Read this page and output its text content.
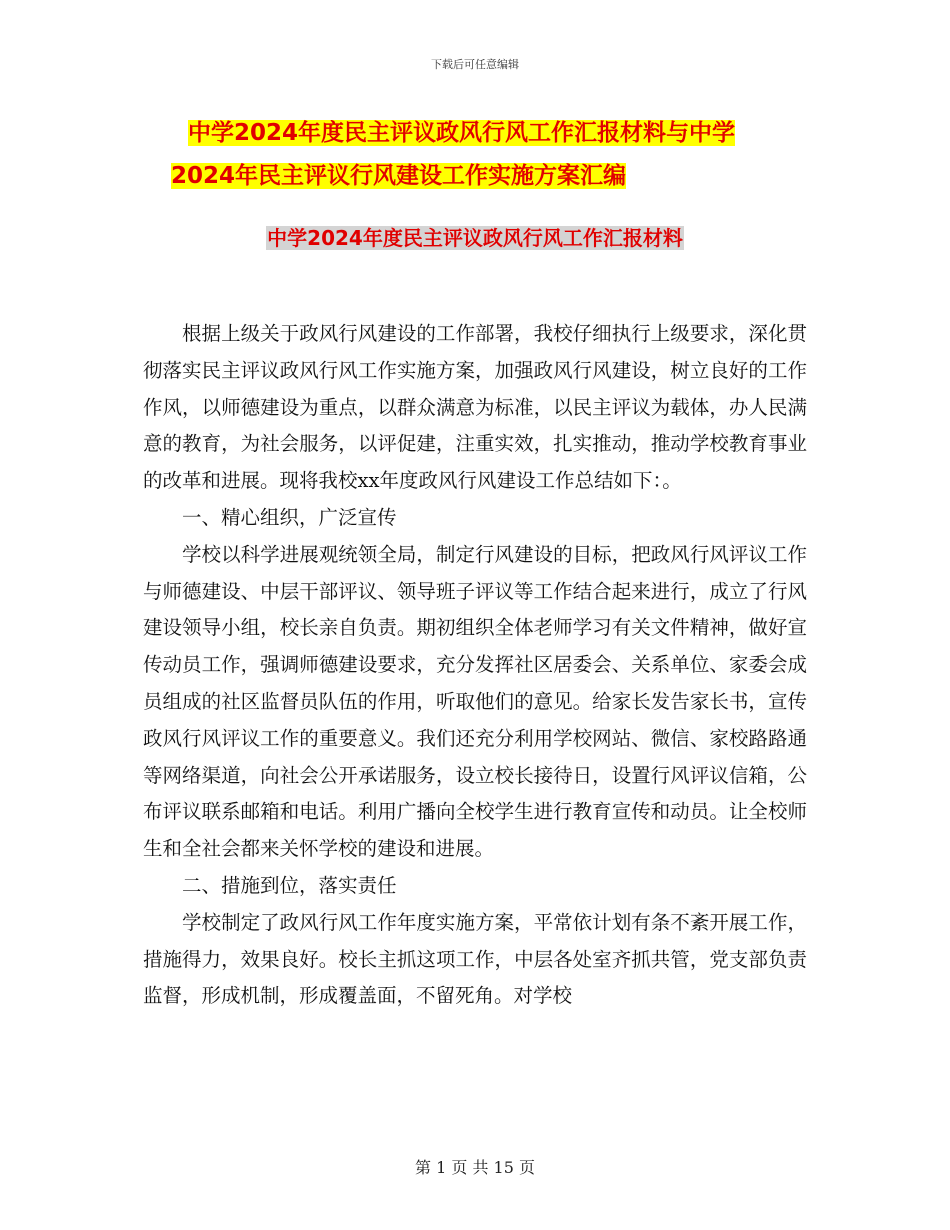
下载后可任意编辑
中学2024年度民主评议政风行风工作汇报材料与中学
2024年民主评议行风建设工作实施方案汇编
中学2024年度民主评议政风行风工作汇报材料

根据上级关于政风行风建设的工作部署，我校仔细执行上级要求，深化贯彻落实民主评议政风行风工作实施方案，加强政风行风建设，树立良好的工作作风，以师德建设为重点，以群众满意为标准，以民主评议为载体，办人民满意的教育，为社会服务，以评促建，注重实效，扎实推动，推动学校教育事业的改革和进展。现将我校xx年度政风行风建设工作总结如下：。

一、精心组织，广泛宣传

学校以科学进展观统领全局，制定行风建设的目标，把政风行风评议工作与师德建设、中层干部评议、领导班子评议等工作结合起来进行，成立了行风建设领导小组，校长亲自负责。期初组织全体老师学习有关文件精神，做好宣传动员工作，强调师德建设要求，充分发挥社区居委会、关系单位、家委会成员组成的社区监督员队伍的作用，听取他们的意见。给家长发告家长书，宣传政风行风评议工作的重要意义。我们还充分利用学校网站、微信、家校路路通等网络渠道，向社会公开承诺服务，设立校长接待日，设置行风评议信箱，公布评议联系邮箱和电话。利用广播向全校学生进行教育宣传和动员。让全校师生和全社会都来关怀学校的建设和进展。

二、措施到位，落实责任

学校制定了政风行风工作年度实施方案，平常依计划有条不紊开展工作，措施得力，效果良好。校长主抓这项工作，中层各处室齐抓共管，党支部负责监督，形成机制，形成覆盖面，不留死角。对学校

第 1 页 共 15 页
